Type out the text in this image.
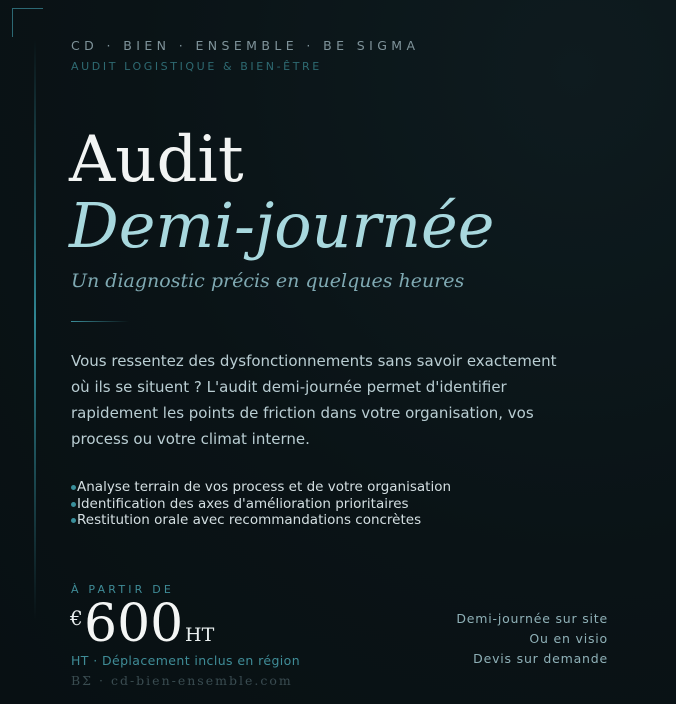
CD · BIEN · ENSEMBLE · BE SIGMA
AUDIT LOGISTIQUE & BIEN-ÊTRE
Audit
Demi-journée
Un diagnostic précis en quelques heures

Vous ressentez des dysfonctionnements sans savoir exactement où ils se situent ? L'audit demi-journée permet d'identifier rapidement les points de friction dans votre organisation, vos process ou votre climat interne.

Analyse terrain de vos process et de votre organisation
Identification des axes d'amélioration prioritaires
Restitution orale avec recommandations concrètes
À PARTIR DE
€ 600 HT
HT · Déplacement inclus en région
BΣ · cd-bien-ensemble.com
Demi-journée sur site
Ou en visio
Devis sur demande
